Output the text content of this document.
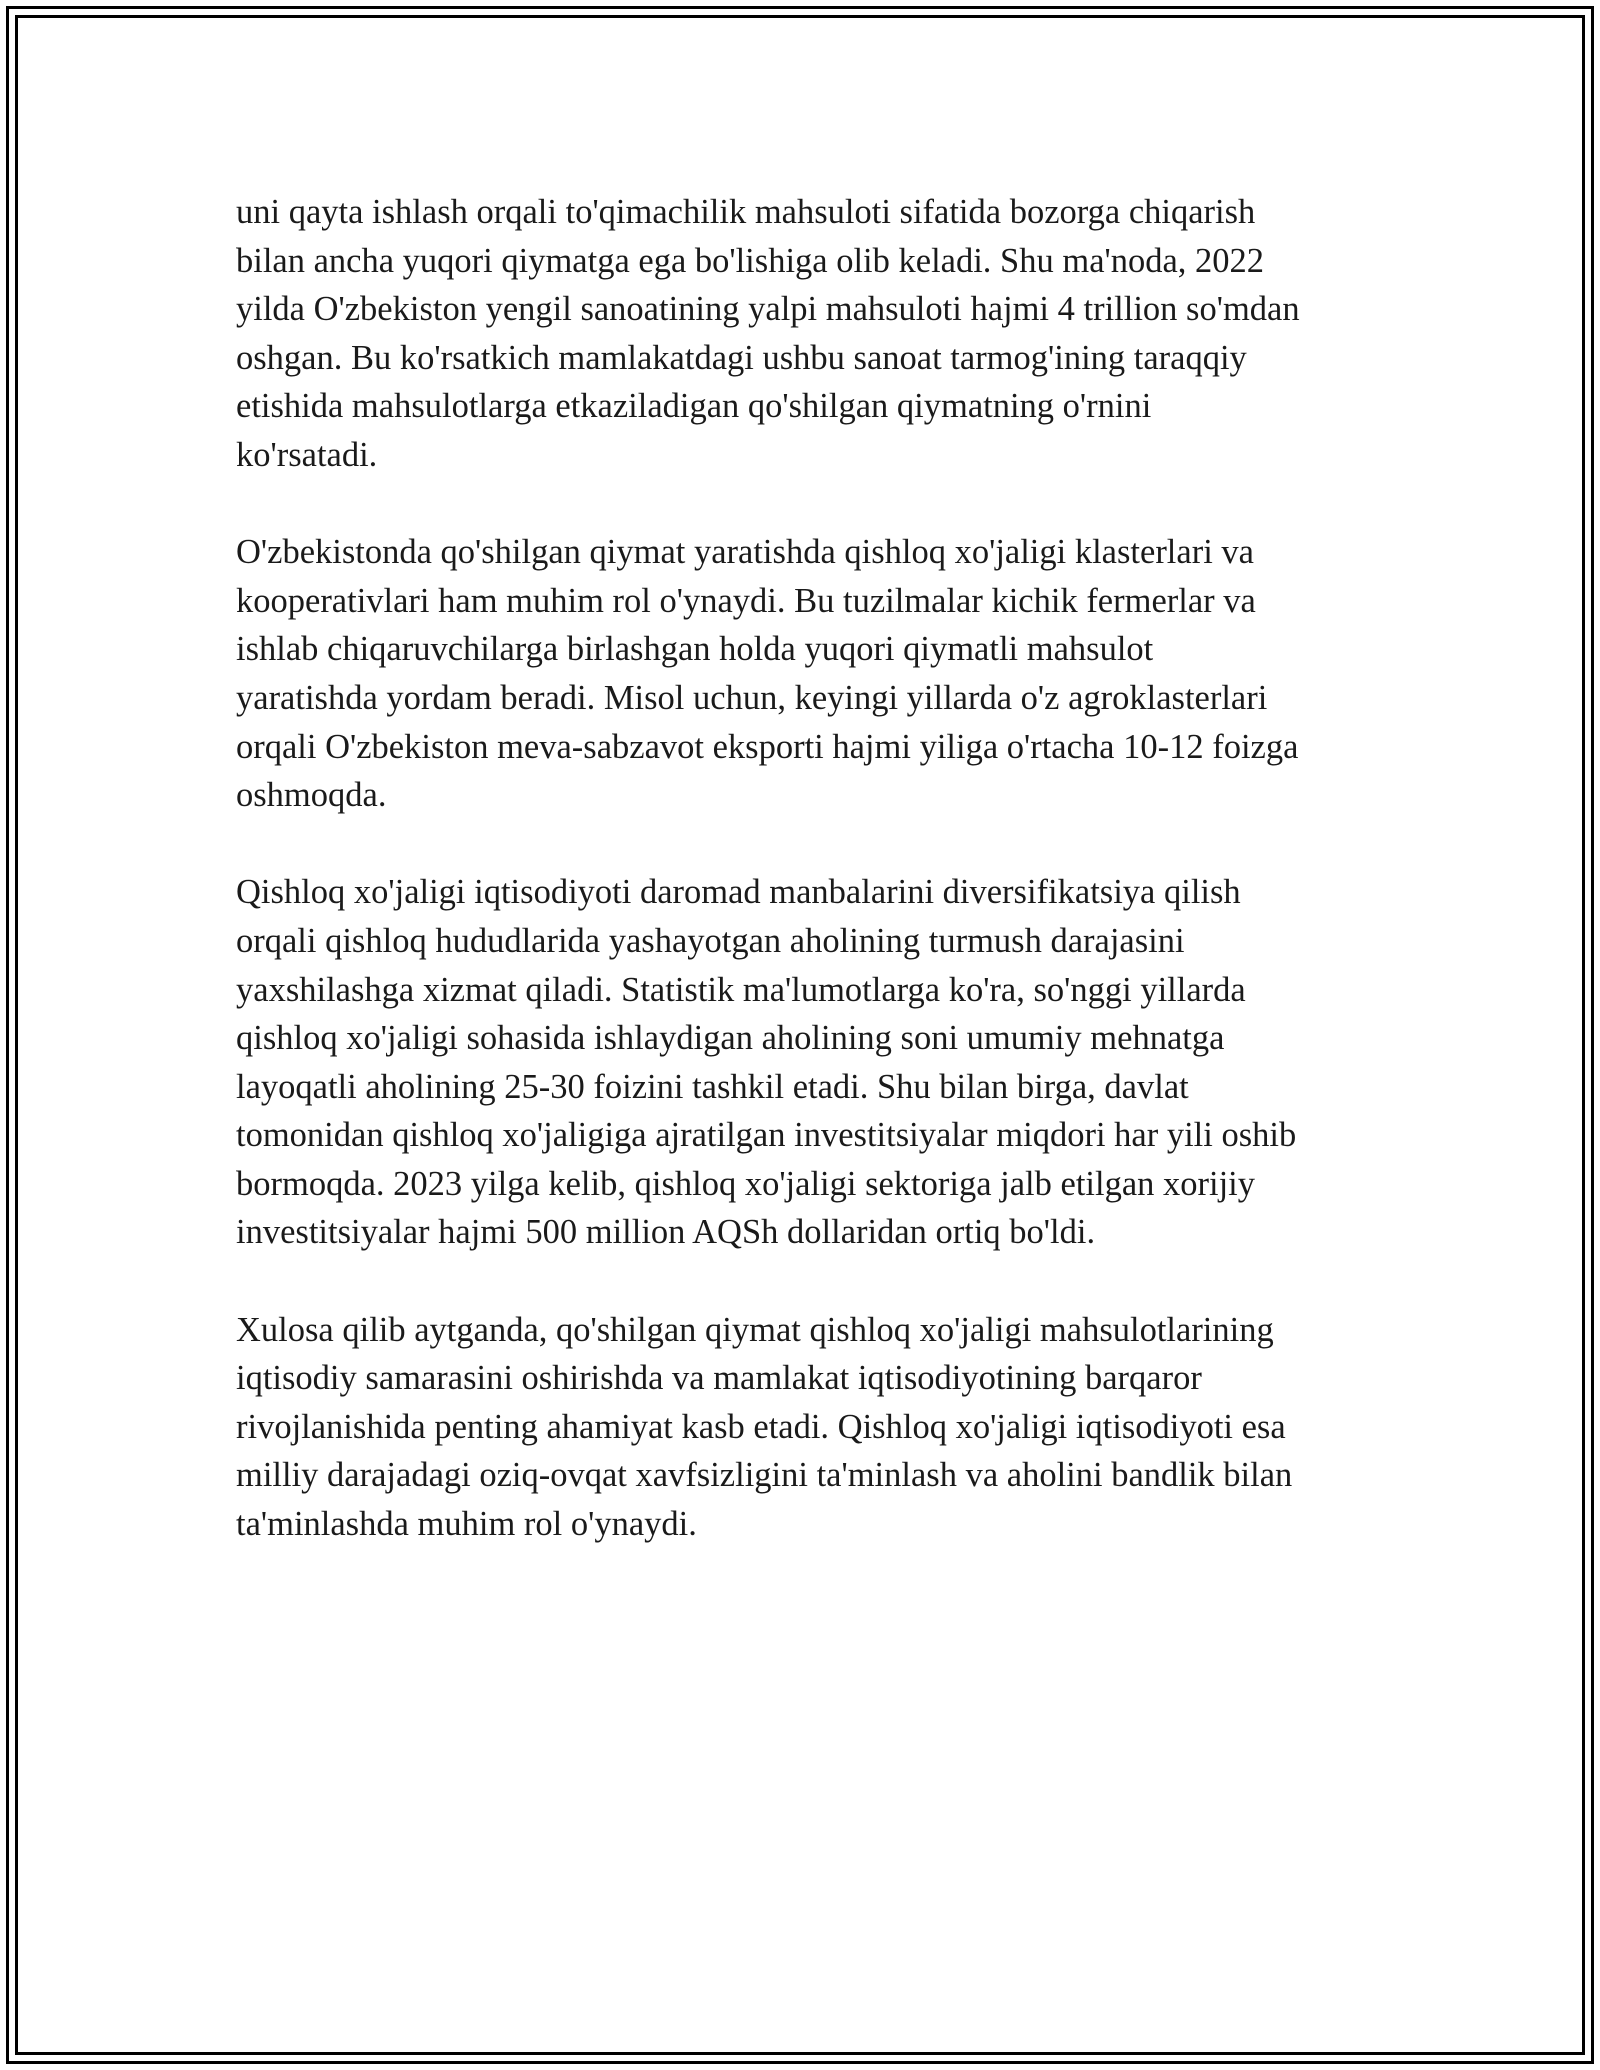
uni qayta ishlash orqali to'qimachilik mahsuloti sifatida bozorga chiqarish
bilan ancha yuqori qiymatga ega bo'lishiga olib keladi. Shu ma'noda, 2022
yilda O'zbekiston yengil sanoatining yalpi mahsuloti hajmi 4 trillion so'mdan
oshgan. Bu ko'rsatkich mamlakatdagi ushbu sanoat tarmog'ining taraqqiy
etishida mahsulotlarga etkaziladigan qo'shilgan qiymatning o'rnini
ko'rsatadi.

O'zbekistonda qo'shilgan qiymat yaratishda qishloq xo'jaligi klasterlari va
kooperativlari ham muhim rol o'ynaydi. Bu tuzilmalar kichik fermerlar va
ishlab chiqaruvchilarga birlashgan holda yuqori qiymatli mahsulot
yaratishda yordam beradi. Misol uchun, keyingi yillarda o'z agroklasterlari
orqali O'zbekiston meva-sabzavot eksporti hajmi yiliga o'rtacha 10-12 foizga
oshmoqda.

Qishloq xo'jaligi iqtisodiyoti daromad manbalarini diversifikatsiya qilish
orqali qishloq hududlarida yashayotgan aholining turmush darajasini
yaxshilashga xizmat qiladi. Statistik ma'lumotlarga ko'ra, so'nggi yillarda
qishloq xo'jaligi sohasida ishlaydigan aholining soni umumiy mehnatga
layoqatli aholining 25-30 foizini tashkil etadi. Shu bilan birga, davlat
tomonidan qishloq xo'jaligiga ajratilgan investitsiyalar miqdori har yili oshib
bormoqda. 2023 yilga kelib, qishloq xo'jaligi sektoriga jalb etilgan xorijiy
investitsiyalar hajmi 500 million AQSh dollaridan ortiq bo'ldi.

Xulosa qilib aytganda, qo'shilgan qiymat qishloq xo'jaligi mahsulotlarining
iqtisodiy samarasini oshirishda va mamlakat iqtisodiyotining barqaror
rivojlanishida penting ahamiyat kasb etadi. Qishloq xo'jaligi iqtisodiyoti esa
milliy darajadagi oziq-ovqat xavfsizligini ta'minlash va aholini bandlik bilan
ta'minlashda muhim rol o'ynaydi.
